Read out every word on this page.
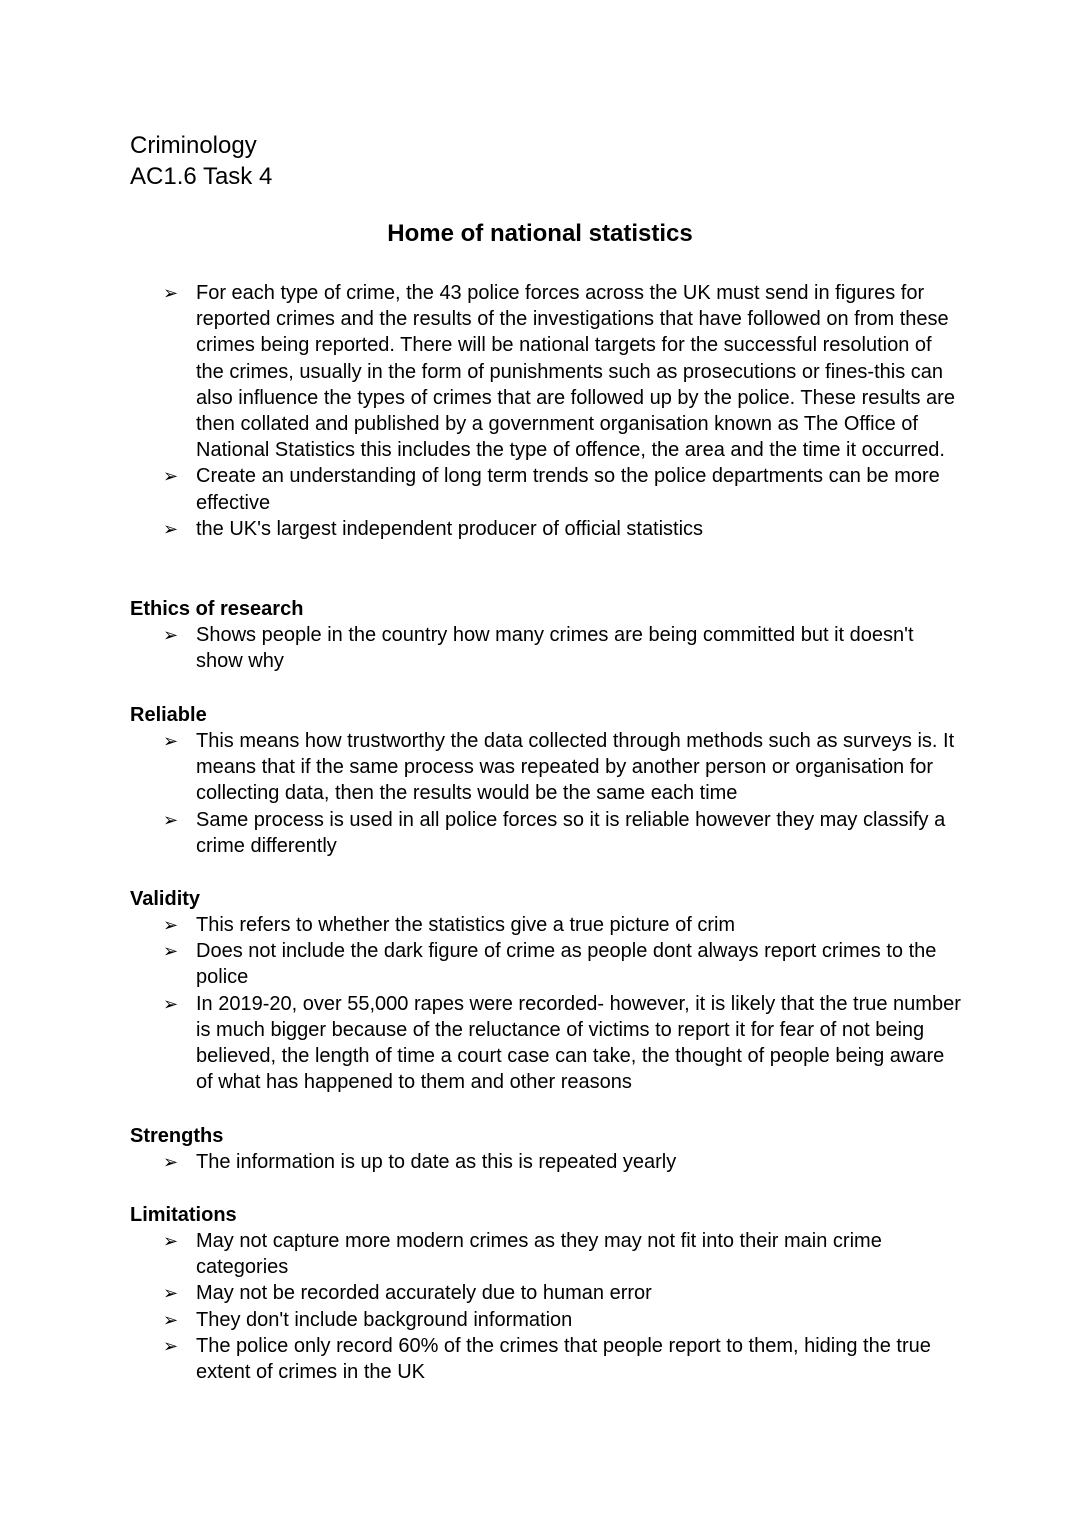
Criminology
AC1.6 Task 4
Home of national statistics
➢ For each type of crime, the 43 police forces across the UK must send in figures for reported crimes and the results of the investigations that have followed on from these crimes being reported. There will be national targets for the successful resolution of the crimes, usually in the form of punishments such as prosecutions or fines-this can also influence the types of crimes that are followed up by the police. These results are then collated and published by a government organisation known as The Office of National Statistics this includes the type of offence, the area and the time it occurred.
➢ Create an understanding of long term trends so the police departments can be more effective
➢ the UK's largest independent producer of official statistics
Ethics of research
➢ Shows people in the country how many crimes are being committed but it doesn't show why
Reliable
➢ This means how trustworthy the data collected through methods such as surveys is. It means that if the same process was repeated by another person or organisation for collecting data, then the results would be the same each time
➢ Same process is used in all police forces so it is reliable however they may classify a crime differently
Validity
➢ This refers to whether the statistics give a true picture of crim
➢ Does not include the dark figure of crime as people dont always report crimes to the police
➢ In 2019-20, over 55,000 rapes were recorded- however, it is likely that the true number is much bigger because of the reluctance of victims to report it for fear of not being believed, the length of time a court case can take, the thought of people being aware of what has happened to them and other reasons
Strengths
➢ The information is up to date as this is repeated yearly
Limitations
➢ May not capture more modern crimes as they may not fit into their main crime categories
➢ May not be recorded accurately due to human error
➢ They don't include background information
➢ The police only record 60% of the crimes that people report to them, hiding the true extent of crimes in the UK
